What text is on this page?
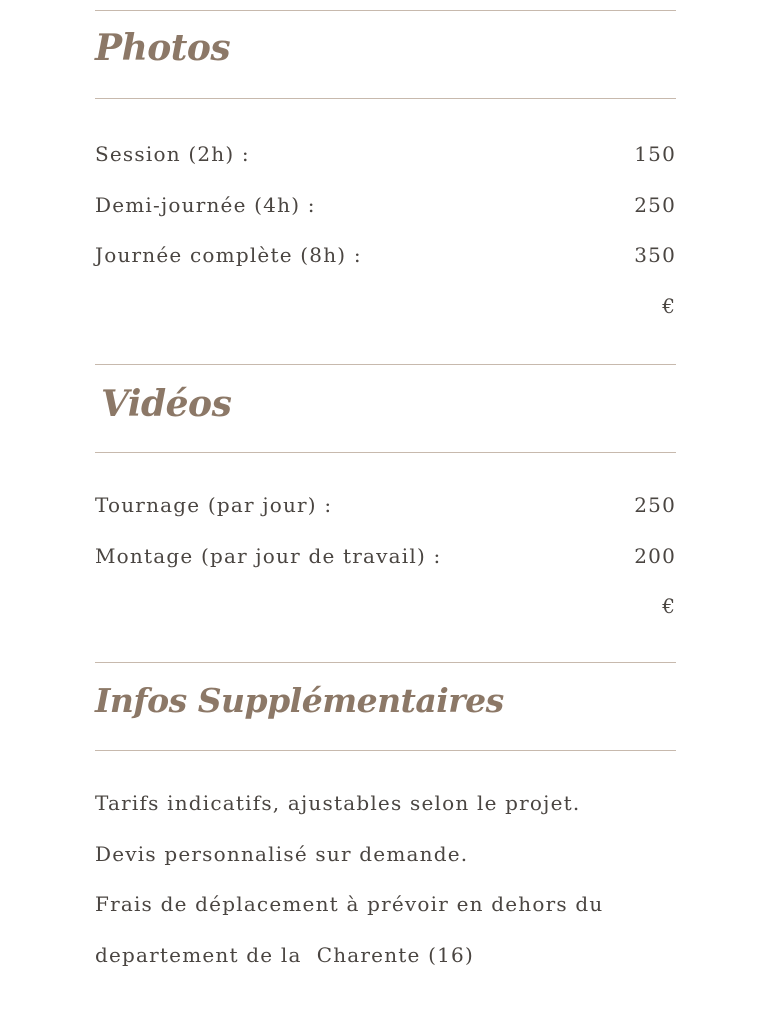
Photos
Session (2h) :	150
Demi-journée (4h) :	250
Journée complète (8h) :	350
€
Vidéos
Tournage (par jour) :	250
Montage (par jour de travail) :	200
€
Infos Supplémentaires
Tarifs indicatifs, ajustables selon le projet.
Devis personnalisé sur demande.
Frais de déplacement à prévoir en dehors du
departement de la  Charente (16)
